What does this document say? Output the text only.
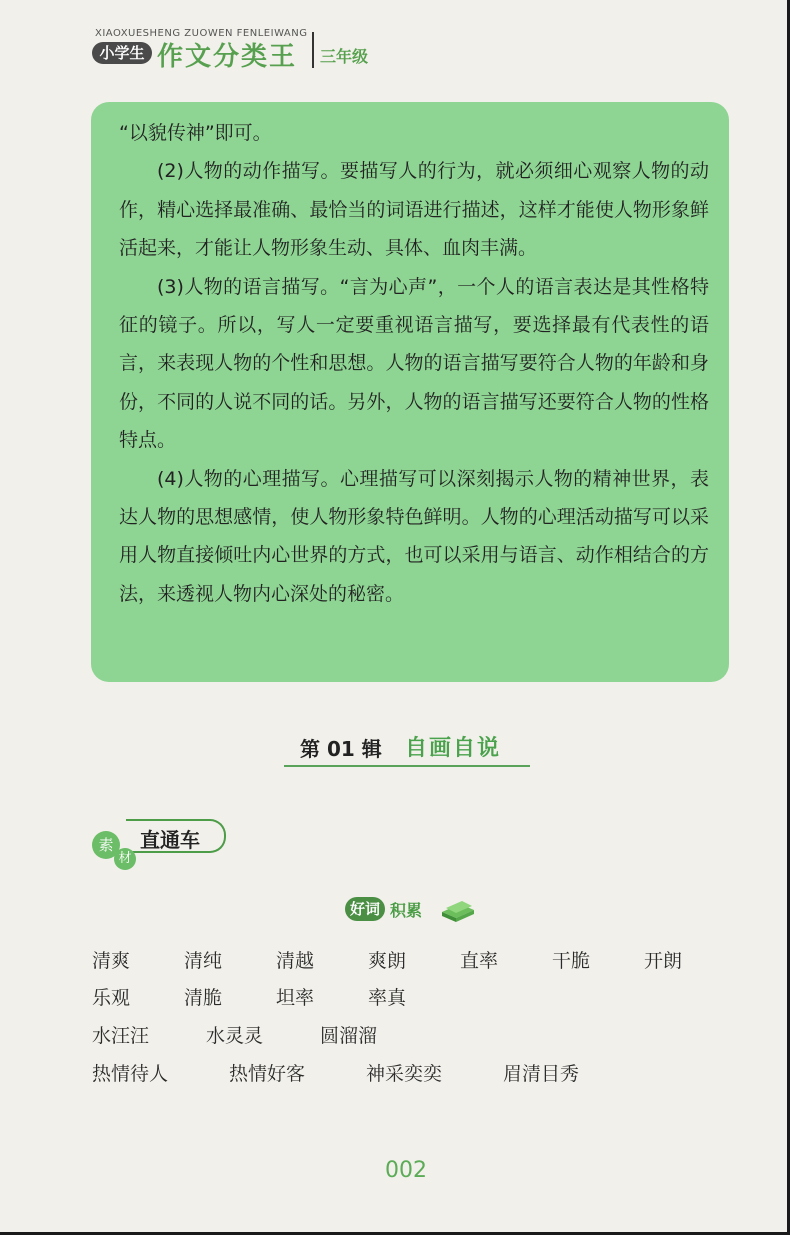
XIAOXUESHENG ZUOWEN FENLEIWANG
小学生 作文分类王 三年级

“以貌传神”即可。

(2)人物的动作描写。要描写人的行为，就必须细心观察人物的动作，精心选择最准确、最恰当的词语进行描述，这样才能使人物形象鲜活起来，才能让人物形象生动、具体、血肉丰满。

(3)人物的语言描写。“言为心声”，一个人的语言表达是其性格特征的镜子。所以，写人一定要重视语言描写，要选择最有代表性的语言，来表现人物的个性和思想。人物的语言描写要符合人物的年龄和身份，不同的人说不同的话。另外，人物的语言描写还要符合人物的性格特点。

(4)人物的心理描写。心理描写可以深刻揭示人物的精神世界，表达人物的思想感情，使人物形象特色鲜明。人物的心理活动描写可以采用人物直接倾吐内心世界的方式，也可以采用与语言、动作相结合的方法，来透视人物内心深处的秘密。

第 01 辑 自画自说
素
材
直通车
好词 积累
清爽	清纯	清越	爽朗	直率	干脆	开朗
乐观	清脆	坦率	率真
水汪汪	水灵灵	圆溜溜
热情待人	热情好客	神采奕奕	眉清目秀
002
